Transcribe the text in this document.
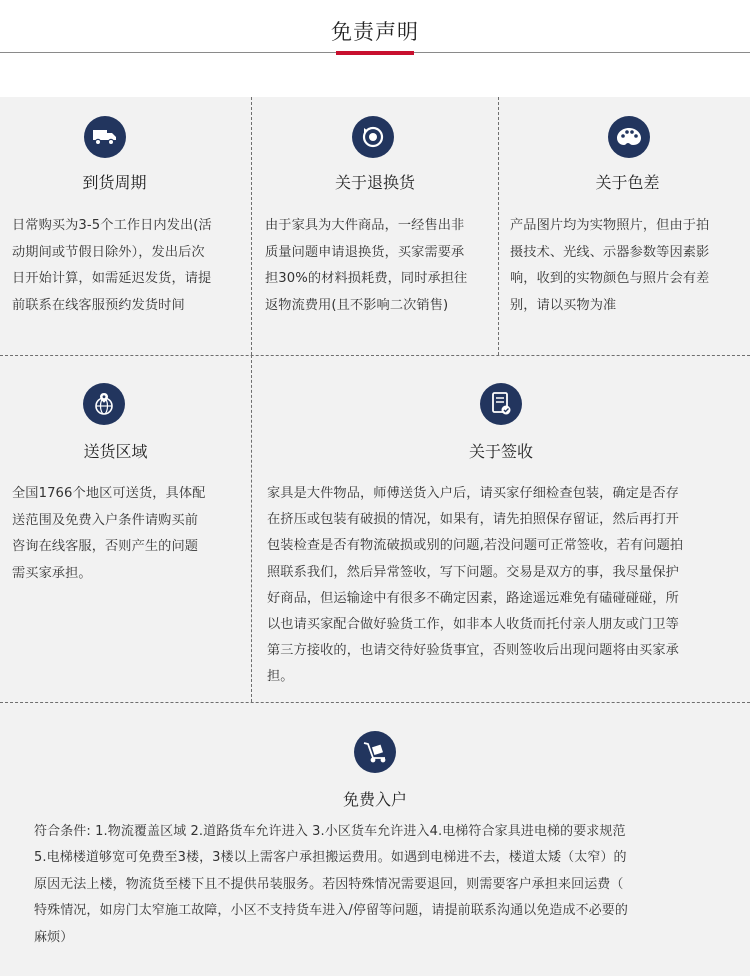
免责声明
到货周期
日常购买为3-5个工作日内发出(活
动期间或节假日除外），发出后次
日开始计算，如需延迟发货，请提
前联系在线客服预约发货时间
关于退换货
由于家具为大件商品，一经售出非
质量问题申请退换货，买家需要承
担30%的材料损耗费，同时承担往
返物流费用(且不影响二次销售)
关于色差
产品图片均为实物照片，但由于拍
摄技术、光线、示器参数等因素影
响，收到的实物颜色与照片会有差
别，请以买物为准
送货区域
全国1766个地区可送货，具体配
送范围及免费入户条件请购买前
咨询在线客服，否则产生的问题
需买家承担。
关于签收
家具是大件物品，师傅送货入户后，请买家仔细检查包装，确定是否存
在挤压或包装有破损的情况，如果有，请先拍照保存留证，然后再打开
包装检查是否有物流破损或别的问题,若没问题可正常签收，若有问题拍
照联系我们，然后异常签收，写下问题。交易是双方的事，我尽量保护
好商品，但运输途中有很多不确定因素，路途遥远难免有磕碰碰碰，所
以也请买家配合做好验货工作，如非本人收货而托付亲人朋友或门卫等
第三方接收的，也请交待好验货事宜，否则签收后出现问题将由买家承
担。
免费入户
符合条件: 1.物流覆盖区域 2.道路货车允许进入 3.小区货车允许进入4.电梯符合家具进电梯的要求规范
5.电梯楼道够宽可免费至3楼，3楼以上需客户承担搬运费用。如遇到电梯进不去，楼道太矮（太窄）的
原因无法上楼，物流货至楼下且不提供吊装服务。若因特殊情况需要退回，则需要客户承担来回运费（
特殊情况，如房门太窄施工故障，小区不支持货车进入/停留等问题，请提前联系沟通以免造成不必要的
麻烦）
